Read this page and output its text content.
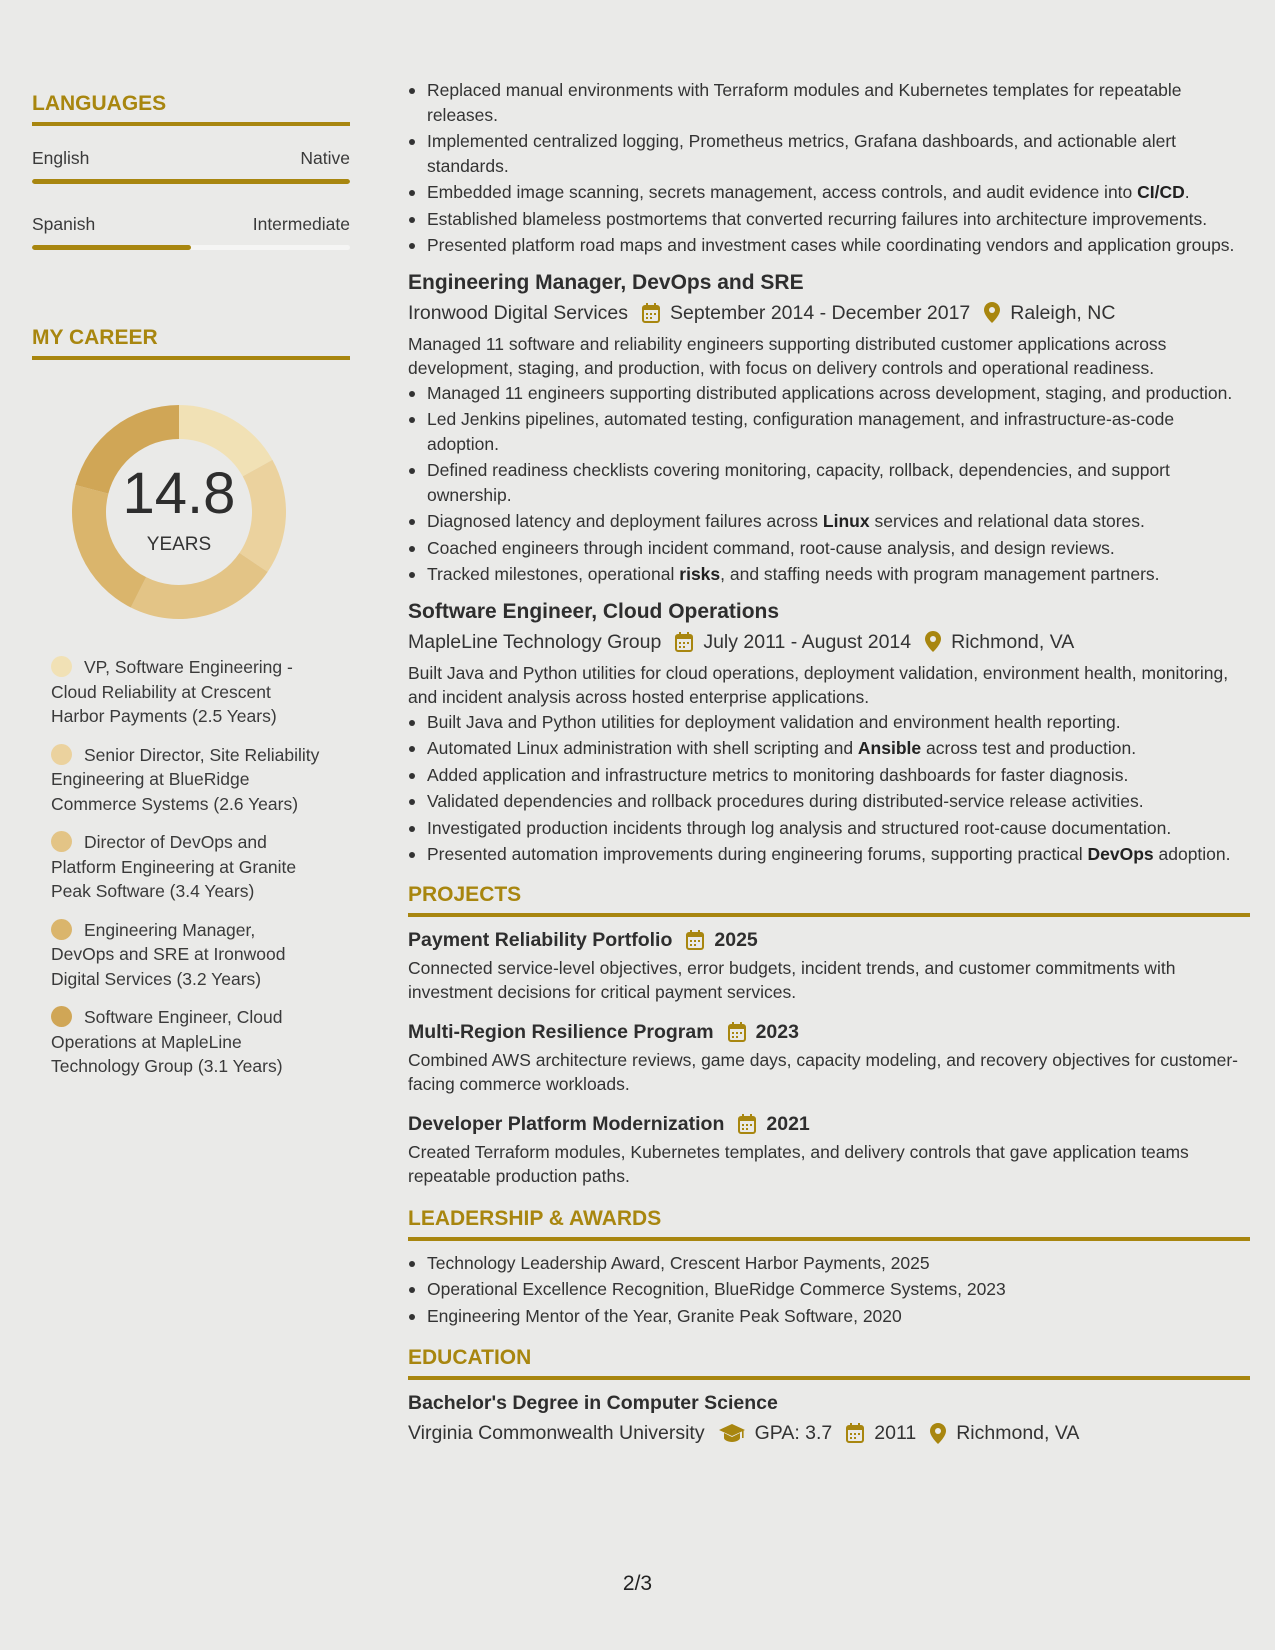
LANGUAGES
English	Native
Spanish	Intermediate
MY CAREER
14.8
YEARS
VP, Software Engineering - Cloud Reliability at Crescent Harbor Payments (2.5 Years)
Senior Director, Site Reliability Engineering at BlueRidge Commerce Systems (2.6 Years)
Director of DevOps and Platform Engineering at Granite Peak Software (3.4 Years)
Engineering Manager, DevOps and SRE at Ironwood Digital Services (3.2 Years)
Software Engineer, Cloud Operations at MapleLine Technology Group (3.1 Years)
Replaced manual environments with Terraform modules and Kubernetes templates for repeatable releases.
Implemented centralized logging, Prometheus metrics, Grafana dashboards, and actionable alert standards.
Embedded image scanning, secrets management, access controls, and audit evidence into CI/CD.
Established blameless postmortems that converted recurring failures into architecture improvements.
Presented platform road maps and investment cases while coordinating vendors and application groups.
Engineering Manager, DevOps and SRE
Ironwood Digital Services September 2014 - December 2017 Raleigh, NC
Managed 11 software and reliability engineers supporting distributed customer applications across development, staging, and production, with focus on delivery controls and operational readiness.
Managed 11 engineers supporting distributed applications across development, staging, and production.
Led Jenkins pipelines, automated testing, configuration management, and infrastructure-as-code adoption.
Defined readiness checklists covering monitoring, capacity, rollback, dependencies, and support ownership.
Diagnosed latency and deployment failures across Linux services and relational data stores.
Coached engineers through incident command, root-cause analysis, and design reviews.
Tracked milestones, operational risks, and staffing needs with program management partners.
Software Engineer, Cloud Operations
MapleLine Technology Group July 2011 - August 2014 Richmond, VA
Built Java and Python utilities for cloud operations, deployment validation, environment health, monitoring, and incident analysis across hosted enterprise applications.
Built Java and Python utilities for deployment validation and environment health reporting.
Automated Linux administration with shell scripting and Ansible across test and production.
Added application and infrastructure metrics to monitoring dashboards for faster diagnosis.
Validated dependencies and rollback procedures during distributed-service release activities.
Investigated production incidents through log analysis and structured root-cause documentation.
Presented automation improvements during engineering forums, supporting practical DevOps adoption.
PROJECTS
Payment Reliability Portfolio 2025
Connected service-level objectives, error budgets, incident trends, and customer commitments with investment decisions for critical payment services.
Multi-Region Resilience Program 2023
Combined AWS architecture reviews, game days, capacity modeling, and recovery objectives for customer-facing commerce workloads.
Developer Platform Modernization 2021
Created Terraform modules, Kubernetes templates, and delivery controls that gave application teams repeatable production paths.
LEADERSHIP & AWARDS
Technology Leadership Award, Crescent Harbor Payments, 2025
Operational Excellence Recognition, BlueRidge Commerce Systems, 2023
Engineering Mentor of the Year, Granite Peak Software, 2020
EDUCATION
Bachelor's Degree in Computer Science
Virginia Commonwealth University	GPA: 3.7 2011 Richmond, VA
2/3
